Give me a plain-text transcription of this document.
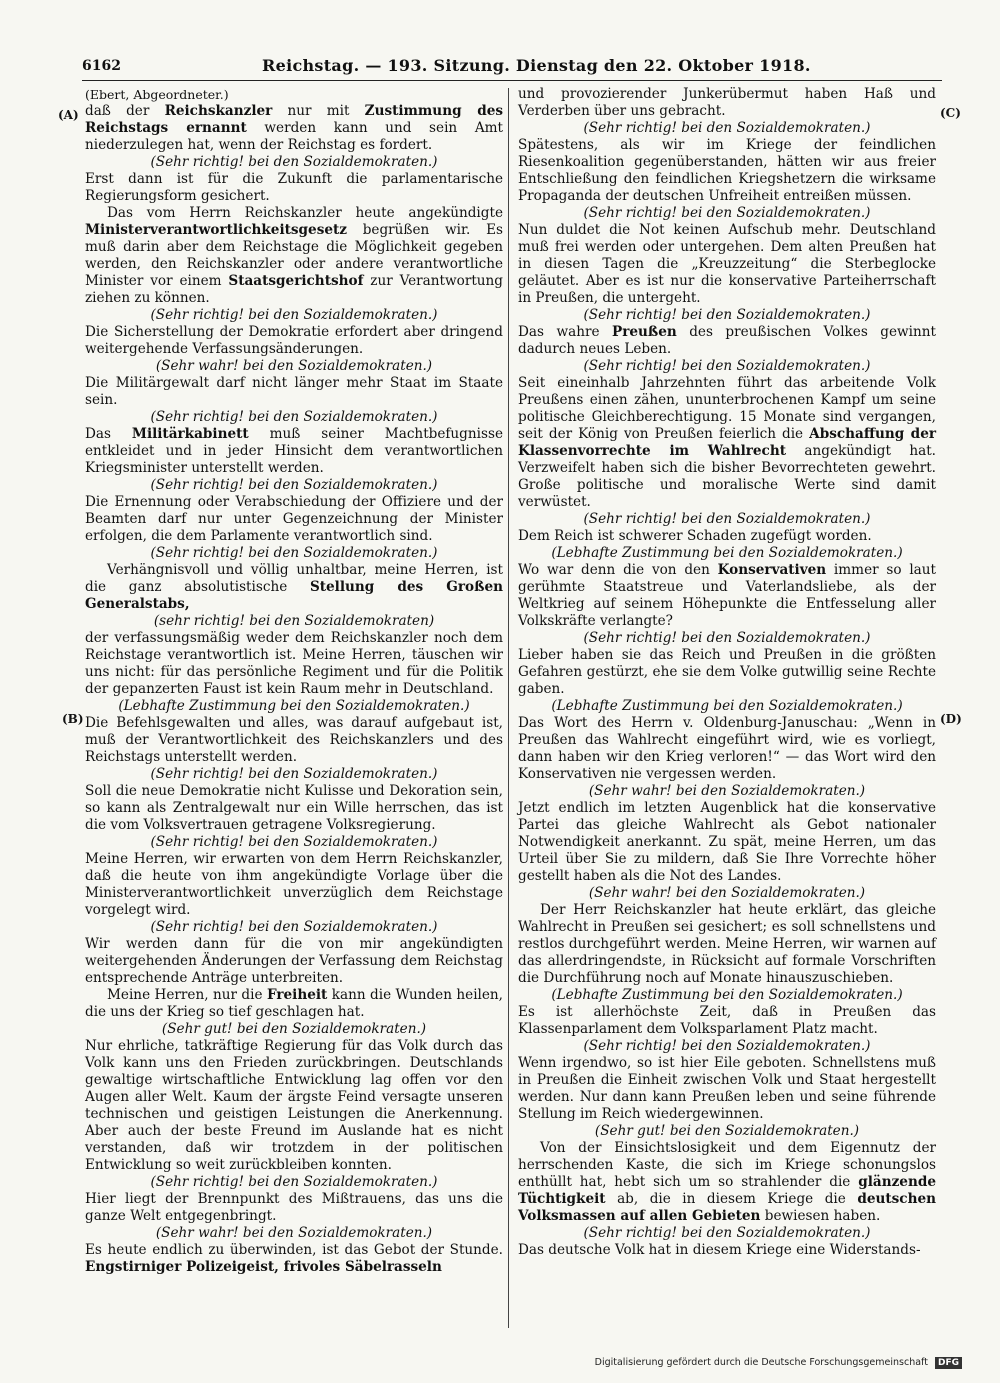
6162	Reichstag. — 193. Sitzung. Dienstag den 22. Oktober 1918.
(A)
(B)
(C)
(D)

(Ebert, Abgeordneter.)

daß der Reichskanzler nur mit Zustimmung des Reichstags ernannt werden kann und sein Amt niederzulegen hat, wenn der Reichstag es fordert.

(Sehr richtig! bei den Sozialdemokraten.)

Erst dann ist für die Zukunft die parlamentarische Regierungsform gesichert.

Das vom Herrn Reichskanzler heute angekündigte Ministerverantwortlichkeitsgesetz begrüßen wir. Es muß darin aber dem Reichstage die Möglichkeit gegeben werden, den Reichskanzler oder andere verantwortliche Minister vor einem Staatsgerichtshof zur Verantwortung ziehen zu können.

(Sehr richtig! bei den Sozialdemokraten.)

Die Sicherstellung der Demokratie erfordert aber dringend weitergehende Verfassungsänderungen.

(Sehr wahr! bei den Sozialdemokraten.)

Die Militärgewalt darf nicht länger mehr Staat im Staate sein.

(Sehr richtig! bei den Sozialdemokraten.)

Das Militärkabinett muß seiner Machtbefugnisse entkleidet und in jeder Hinsicht dem verantwortlichen Kriegsminister unterstellt werden.

(Sehr richtig! bei den Sozialdemokraten.)

Die Ernennung oder Verabschiedung der Offiziere und der Beamten darf nur unter Gegenzeichnung der Minister erfolgen, die dem Parlamente verantwortlich sind.

(Sehr richtig! bei den Sozialdemokraten.)

Verhängnisvoll und völlig unhaltbar, meine Herren, ist die ganz absolutistische Stellung des Großen Generalstabs,

(sehr richtig! bei den Sozialdemokraten)

der verfassungsmäßig weder dem Reichskanzler noch dem Reichstage verantwortlich ist. Meine Herren, täuschen wir uns nicht: für das persönliche Regiment und für die Politik der gepanzerten Faust ist kein Raum mehr in Deutschland.

(Lebhafte Zustimmung bei den Sozialdemokraten.)

Die Befehlsgewalten und alles, was darauf aufgebaut ist, muß der Verantwortlichkeit des Reichskanzlers und des Reichstags unterstellt werden.

(Sehr richtig! bei den Sozialdemokraten.)

Soll die neue Demokratie nicht Kulisse und Dekoration sein, so kann als Zentralgewalt nur ein Wille herrschen, das ist die vom Volksvertrauen getragene Volksregierung.

(Sehr richtig! bei den Sozialdemokraten.)

Meine Herren, wir erwarten von dem Herrn Reichskanzler, daß die heute von ihm angekündigte Vorlage über die Ministerverantwortlichkeit unverzüglich dem Reichstage vorgelegt wird.

(Sehr richtig! bei den Sozialdemokraten.)

Wir werden dann für die von mir angekündigten weitergehenden Änderungen der Verfassung dem Reichstag entsprechende Anträge unterbreiten.

Meine Herren, nur die Freiheit kann die Wunden heilen, die uns der Krieg so tief geschlagen hat.

(Sehr gut! bei den Sozialdemokraten.)

Nur ehrliche, tatkräftige Regierung für das Volk durch das Volk kann uns den Frieden zurückbringen. Deutschlands gewaltige wirtschaftliche Entwicklung lag offen vor den Augen aller Welt. Kaum der ärgste Feind versagte unseren technischen und geistigen Leistungen die Anerkennung. Aber auch der beste Freund im Auslande hat es nicht verstanden, daß wir trotzdem in der politischen Entwicklung so weit zurückbleiben konnten.

(Sehr richtig! bei den Sozialdemokraten.)

Hier liegt der Brennpunkt des Mißtrauens, das uns die ganze Welt entgegenbringt.

(Sehr wahr! bei den Sozialdemokraten.)

Es heute endlich zu überwinden, ist das Gebot der Stunde. Engstirniger Polizeigeist, frivoles Säbelrasseln

und provozierender Junkerübermut haben Haß und Verderben über uns gebracht.

(Sehr richtig! bei den Sozialdemokraten.)

Spätestens, als wir im Kriege der feindlichen Riesenkoalition gegenüberstanden, hätten wir aus freier Entschließung den feindlichen Kriegshetzern die wirksame Propaganda der deutschen Unfreiheit entreißen müssen.

(Sehr richtig! bei den Sozialdemokraten.)

Nun duldet die Not keinen Aufschub mehr. Deutschland muß frei werden oder untergehen. Dem alten Preußen hat in diesen Tagen die „Kreuzzeitung“ die Sterbeglocke geläutet. Aber es ist nur die konservative Parteiherrschaft in Preußen, die untergeht.

(Sehr richtig! bei den Sozialdemokraten.)

Das wahre Preußen des preußischen Volkes gewinnt dadurch neues Leben.

(Sehr richtig! bei den Sozialdemokraten.)

Seit eineinhalb Jahrzehnten führt das arbeitende Volk Preußens einen zähen, ununterbrochenen Kampf um seine politische Gleichberechtigung. 15 Monate sind vergangen, seit der König von Preußen feierlich die Abschaffung der Klassenvorrechte im Wahlrecht angekündigt hat. Verzweifelt haben sich die bisher Bevorrechteten gewehrt. Große politische und moralische Werte sind damit verwüstet.

(Sehr richtig! bei den Sozialdemokraten.)

Dem Reich ist schwerer Schaden zugefügt worden.

(Lebhafte Zustimmung bei den Sozialdemokraten.)

Wo war denn die von den Konservativen immer so laut gerühmte Staatstreue und Vaterlandsliebe, als der Weltkrieg auf seinem Höhepunkte die Entfesselung aller Volkskräfte verlangte?

(Sehr richtig! bei den Sozialdemokraten.)

Lieber haben sie das Reich und Preußen in die größten Gefahren gestürzt, ehe sie dem Volke gutwillig seine Rechte gaben.

(Lebhafte Zustimmung bei den Sozialdemokraten.)

Das Wort des Herrn v. Oldenburg-Januschau: „Wenn in Preußen das Wahlrecht eingeführt wird, wie es vorliegt, dann haben wir den Krieg verloren!“ — das Wort wird den Konservativen nie vergessen werden.

(Sehr wahr! bei den Sozialdemokraten.)

Jetzt endlich im letzten Augenblick hat die konservative Partei das gleiche Wahlrecht als Gebot nationaler Notwendigkeit anerkannt. Zu spät, meine Herren, um das Urteil über Sie zu mildern, daß Sie Ihre Vorrechte höher gestellt haben als die Not des Landes.

(Sehr wahr! bei den Sozialdemokraten.)

Der Herr Reichskanzler hat heute erklärt, das gleiche Wahlrecht in Preußen sei gesichert; es soll schnellstens und restlos durchgeführt werden. Meine Herren, wir warnen auf das allerdringendste, in Rücksicht auf formale Vorschriften die Durchführung noch auf Monate hinauszuschieben.

(Lebhafte Zustimmung bei den Sozialdemokraten.)

Es ist allerhöchste Zeit, daß in Preußen das Klassenparlament dem Volksparlament Platz macht.

(Sehr richtig! bei den Sozialdemokraten.)

Wenn irgendwo, so ist hier Eile geboten. Schnellstens muß in Preußen die Einheit zwischen Volk und Staat hergestellt werden. Nur dann kann Preußen leben und seine führende Stellung im Reich wiedergewinnen.

(Sehr gut! bei den Sozialdemokraten.)

Von der Einsichtslosigkeit und dem Eigennutz der herrschenden Kaste, die sich im Kriege schonungslos enthüllt hat, hebt sich um so strahlender die glänzende Tüchtigkeit ab, die in diesem Kriege die deutschen Volksmassen auf allen Gebieten bewiesen haben.

(Sehr richtig! bei den Sozialdemokraten.)

Das deutsche Volk hat in diesem Kriege eine Widerstands-

Digitalisierung gefördert durch die Deutsche Forschungsgemeinschaft DFG
